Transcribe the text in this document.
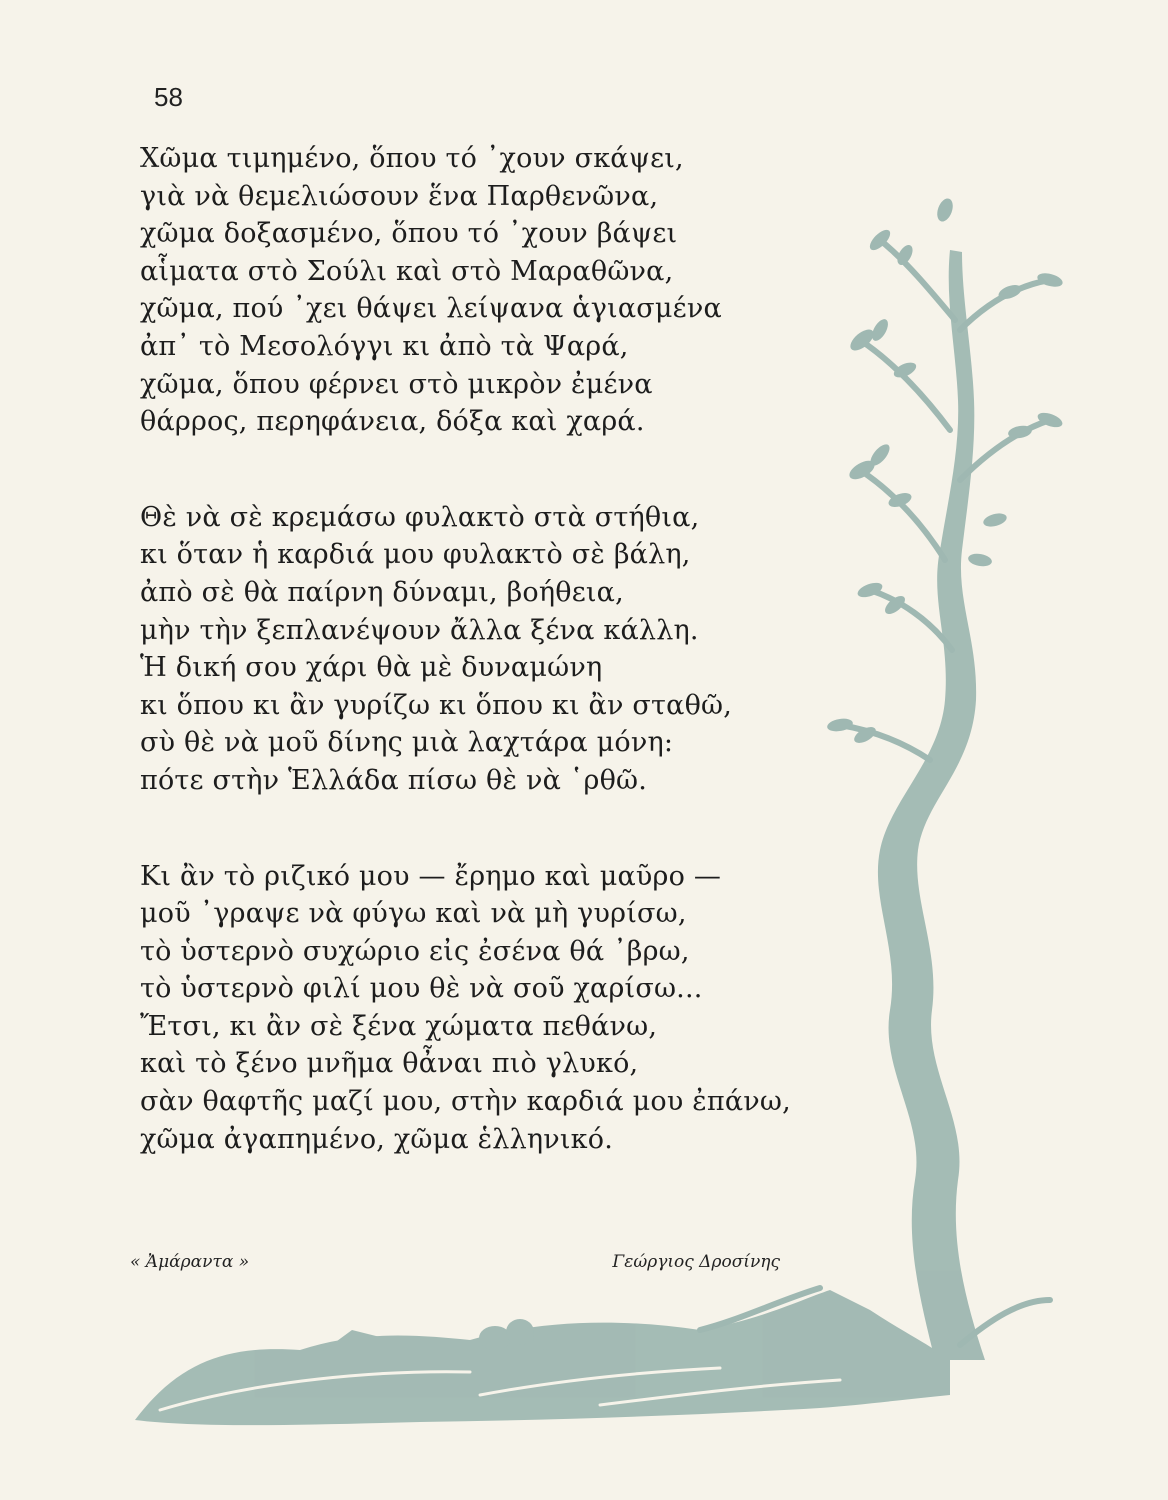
58

Χῶμα τιμημένο, ὅπου τό ᾽χουν σκάψει,
γιὰ νὰ θεμελιώσουν ἕνα Παρθενῶνα,
χῶμα δοξασμένο, ὅπου τό ᾽χουν βάψει
αἷματα στὸ Σούλι καὶ στὸ Μαραθῶνα,
χῶμα, πού ᾽χει θάψει λείψανα ἁγιασμένα
ἀπ᾽ τὸ Μεσολόγγι κι ἀπὸ τὰ Ψαρά,
χῶμα, ὅπου φέρνει στὸ μικρὸν ἐμένα
θάρρος, περηφάνεια, δόξα καὶ χαρά.

Θὲ νὰ σὲ κρεμάσω φυλακτὸ στὰ στήθια,
κι ὅταν ἡ καρδιά μου φυλακτὸ σὲ βάλη,
ἀπὸ σὲ θὰ παίρνη δύναμι, βοήθεια,
μὴν τὴν ξεπλανέψουν ἄλλα ξένα κάλλη.
Ἡ δική σου χάρι θὰ μὲ δυναμώνη
κι ὅπου κι ἂν γυρίζω κι ὅπου κι ἂν σταθῶ,
σὺ θὲ νὰ μοῦ δίνης μιὰ λαχτάρα μόνη:
πότε στὴν Ἑλλάδα πίσω θὲ νὰ ῾ρθῶ.

Κι ἂν τὸ ριζικό μου — ἔρημο καὶ μαῦρο —
μοῦ ᾽γραψε νὰ φύγω καὶ νὰ μὴ γυρίσω,
τὸ ὑστερνὸ συχώριο εἰς ἐσένα θά ᾽βρω,
τὸ ὑστερνὸ φιλί μου θὲ νὰ σοῦ χαρίσω...
Ἔτσι, κι ἂν σὲ ξένα χώματα πεθάνω,
καὶ τὸ ξένο μνῆμα θἆναι πιὸ γλυκό,
σὰν θαφτῆς μαζί μου, στὴν καρδιά μου ἐπάνω,
χῶμα ἀγαπημένο, χῶμα ἑλληνικό.

« Ἀμάραντα »	Γεώργιος Δροσίνης
